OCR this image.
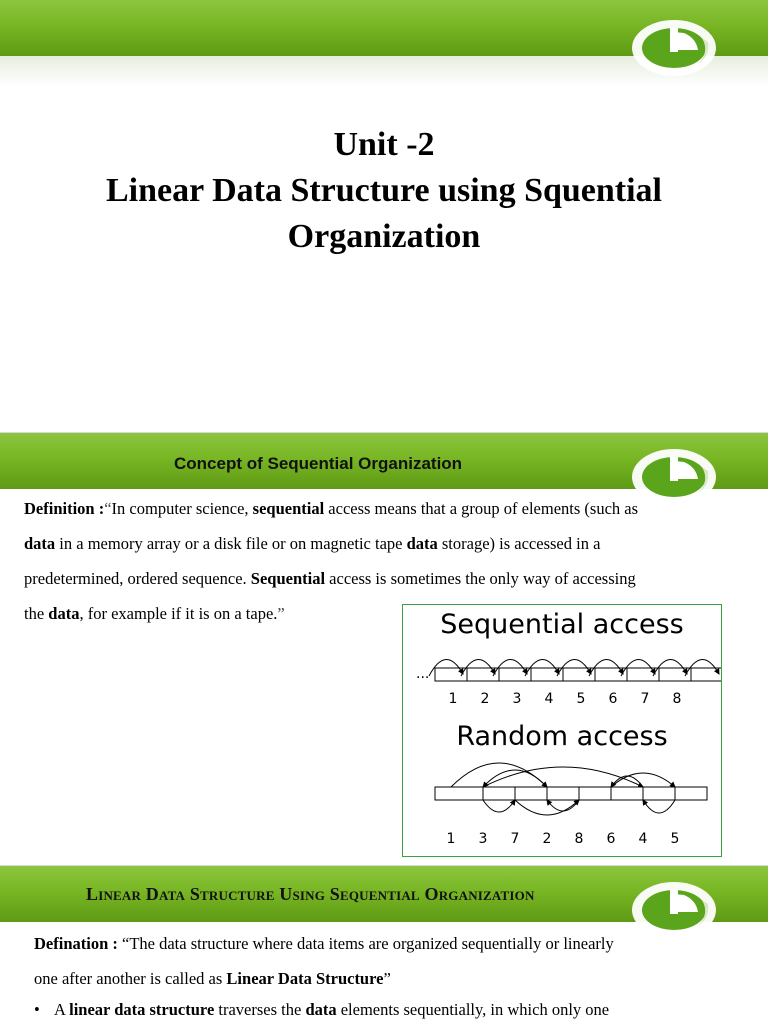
Unit -2
Linear Data Structure using Squential
Organization
Concept of Sequential Organization
Definition :“In computer science, sequential access means that a group of elements (such as
data in a memory array or a disk file or on magnetic tape data storage) is accessed in a
predetermined, ordered sequence. Sequential access is sometimes the only way of accessing
the data, for example if it is on a tape.”	Sequential access
Random access
...
1 2 3 4 5 6 7 8
1 3 7 2 8 6 4 5
Linear Data Structure Using Sequential Organization
Defination : “The data structure where data items are organized sequentially or linearly
one after another is called as Linear Data Structure”
• A linear data structure traverses the data elements sequentially, in which only one
